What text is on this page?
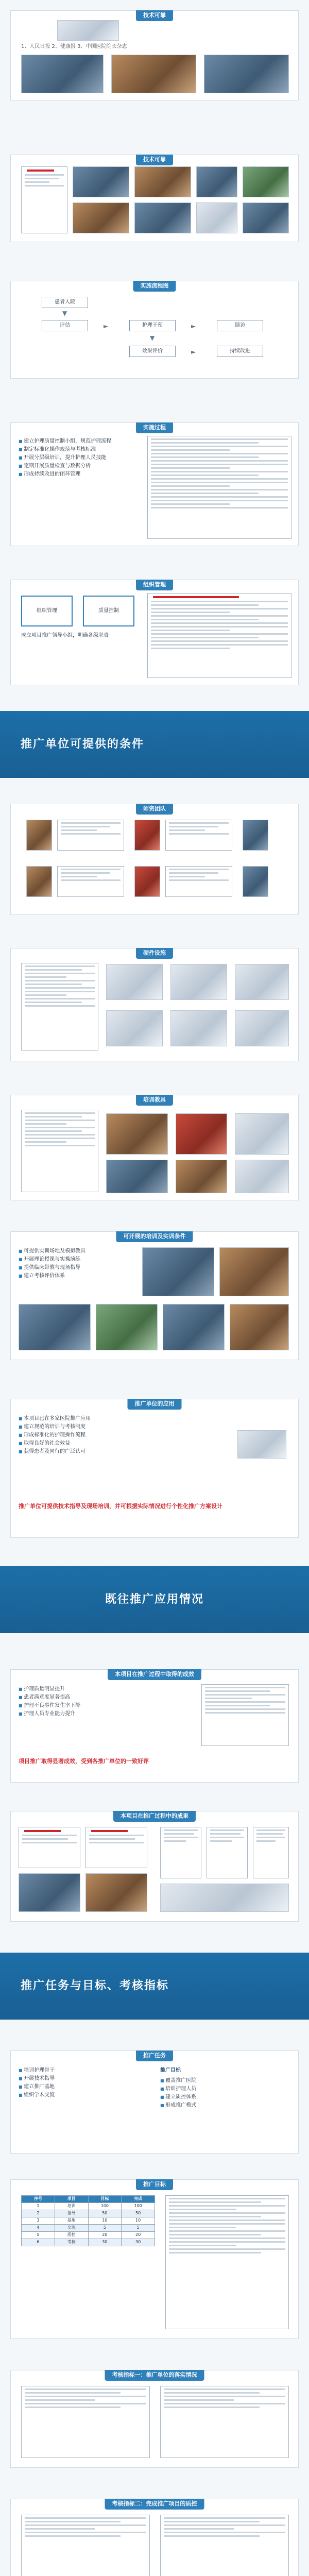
技术可靠
1、人民日报 2、健康报 3、中国医院院长杂志
技术可靠
实施流程图
患者入院
评估	护理干预	随访
效果评价	持续改进
▼
►	►
▼
►
实施过程
■ 建立护理质量控制小组，规范护理流程
■ 制定标准化操作规范与考核标准
■ 开展分层级培训，提升护理人员技能
■ 定期开展质量检查与数据分析
■ 形成持续改进的闭环管理
组织管理
组织管理	质量控制
成立项目推广领导小组，明确各级职责
推广单位可提供的条件
师资团队
硬件设施
培训教具
可开展的培训及实训条件
■ 可提供实训场地及模拟教具
■ 开展理论授课与实操演练
■ 提供临床带教与现场指导
■ 建立考核评价体系
推广单位的应用
■ 本项目已在多家医院推广应用
■ 建立规范的培训与考核制度
■ 形成标准化的护理操作流程
■ 取得良好的社会效益
■ 获得患者及同行的广泛认可
推广单位可提供技术指导及现场培训，并可根据实际情况进行个性化推广方案设计
既往推广应用情况
本项目在推广过程中取得的成效
■ 护理质量明显提升
■ 患者满意度显著提高
■ 护理不良事件发生率下降
■ 护理人员专业能力提升
项目推广取得显著成效，受到各推广单位的一致好评
本项目在推广过程中的成果
推广任务与目标、考核指标
推广任务
■ 培训护理骨干
■ 开展技术指导
■ 建立推广基地
■ 组织学术交流
推广目标
■ 覆盖推广医院
■ 培训护理人员
■ 建立质控体系
■ 形成推广模式
推广目标
序号	项目	目标	完成
1	培训	100	100
2	指导	50	50
3	基地	10	10
4	交流	5	5
5	质控	20	20
6	考核	30	30
考核指标一：推广单位的落实情况
考核指标二：完成推广项目的质控
